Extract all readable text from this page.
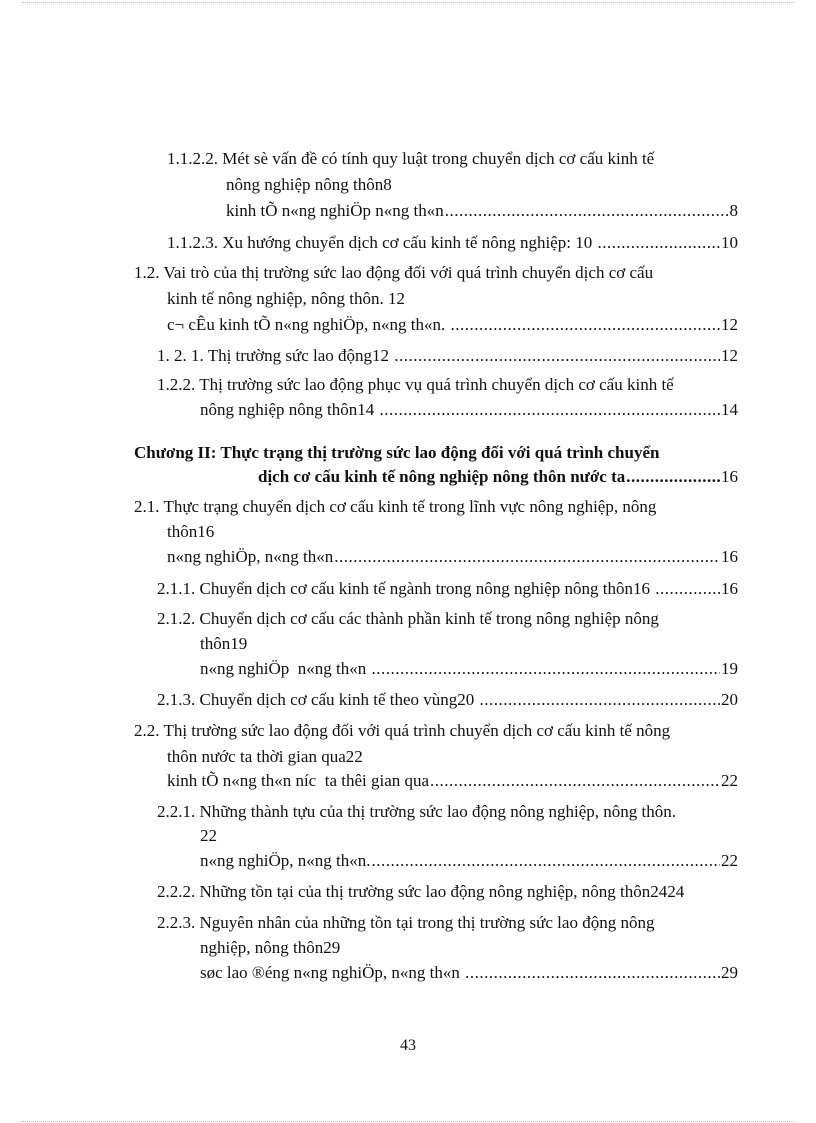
1.1.2.2. Mét sè vấn đề có tính quy luật trong chuyển dịch cơ cấu kinh tế
nông nghiệp nông thôn8
kinh tÕ n«ng nghiÖp n«ng th«n .....	8
1.1.2.3. Xu hướng chuyển dịch cơ cấu kinh tế nông nghiệp: 10 .....	10
1.2. Vai trò của thị trường sức lao động đối với quá trình chuyển dịch cơ cấu
kinh tế nông nghiệp, nông thôn. 12
c¬ cÊu kinh tÕ n«ng nghiÖp, n«ng th«n. .....	12
1. 2. 1. Thị trường sức lao động12 .....	12
1.2.2. Thị trường sức lao động phục vụ quá trình chuyển dịch cơ cấu kinh tế
nông nghiệp nông thôn14 .....	14
Chương II: Thực trạng thị trường sức lao động đối với quá trình chuyển
dịch cơ cấu kinh tế nông nghiệp nông thôn nước ta .....	16
2.1. Thực trạng chuyển dịch cơ cấu kinh tế trong lĩnh vực nông nghiệp, nông
thôn16
n«ng nghiÖp, n«ng th«n .....	16
2.1.1. Chuyển dịch cơ cấu kinh tế ngành trong nông nghiệp nông thôn16 .....	16
2.1.2. Chuyển dịch cơ cấu các thành phần kinh tế trong nông nghiệp nông
thôn19
n«ng nghiÖp  n«ng th«n .....	19
2.1.3. Chuyển dịch cơ cấu kinh tế theo vùng20 .....	20
2.2. Thị trường sức lao động đối với quá trình chuyển dịch cơ cấu kinh tế nông
thôn nước ta thời gian qua22
kinh tÕ n«ng th«n níc  ta thêi gian qua .....	22
2.2.1. Những thành tựu của thị trường sức lao động nông nghiệp, nông thôn.
22
n«ng nghiÖp, n«ng th«n. .....	22
2.2.2. Những tồn tại của thị trường sức lao động nông nghiệp, nông thôn2424
2.2.3. Nguyên nhân của những tồn tại trong thị trường sức lao động nông
nghiệp, nông thôn29
søc lao ®éng n«ng nghiÖp, n«ng th«n .....	29
43
